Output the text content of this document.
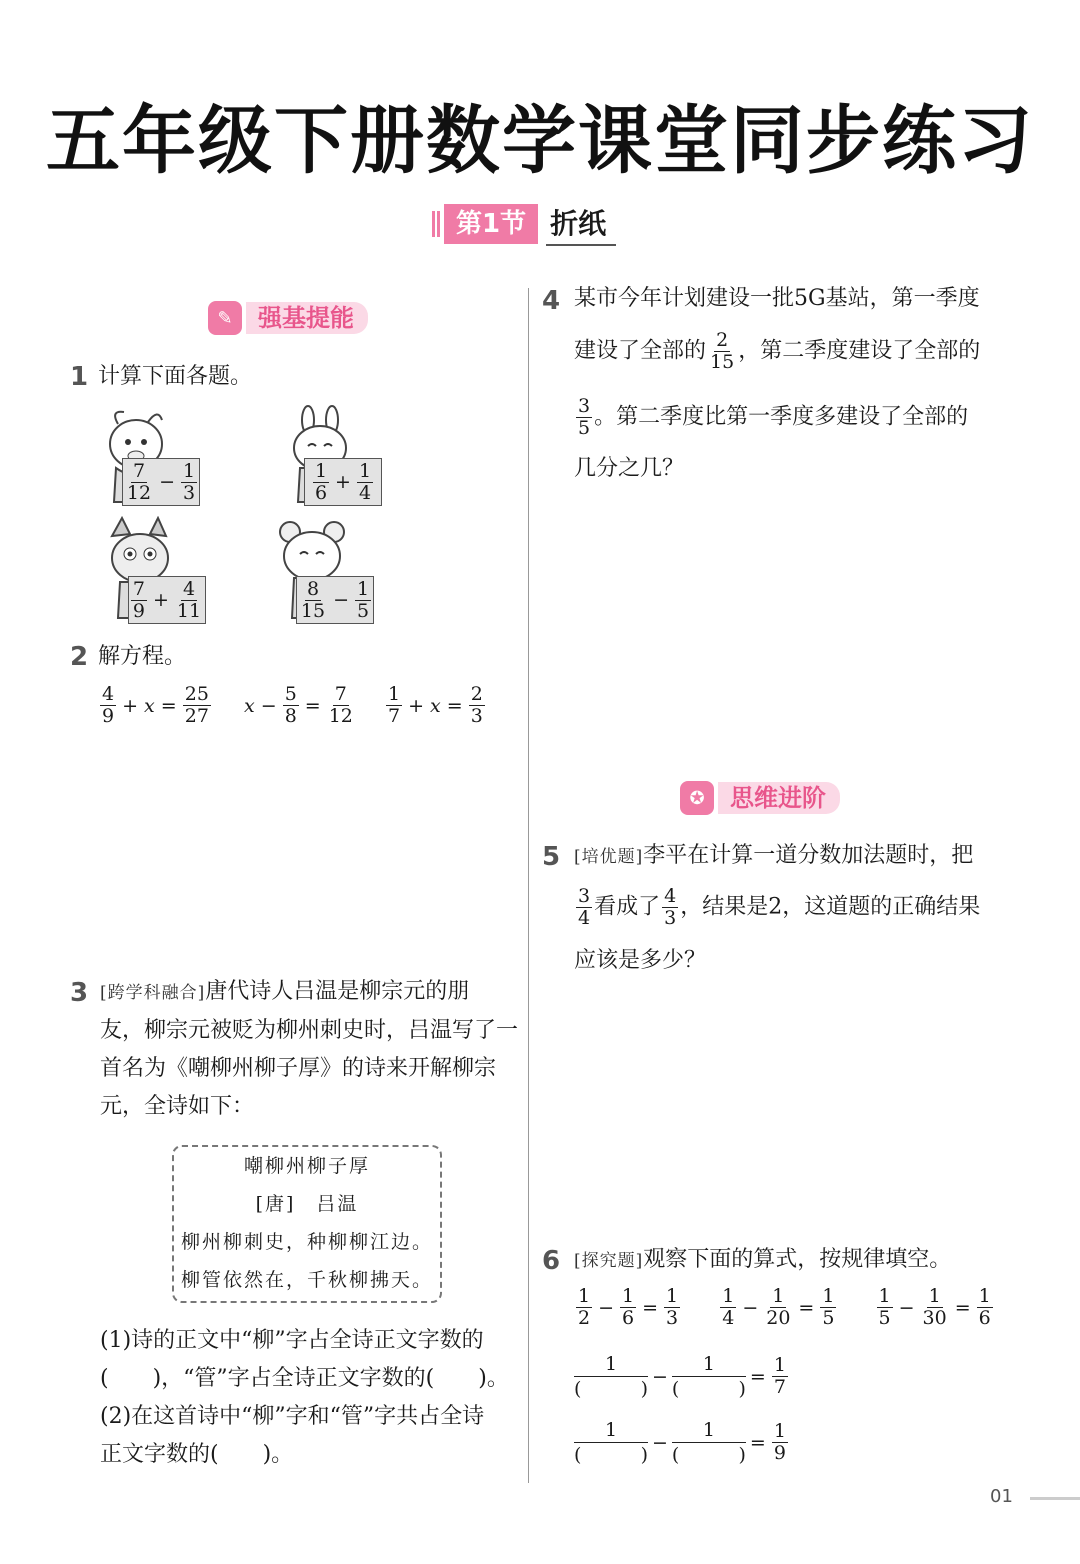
五年级下册数学课堂同步练习
第1节 折纸
✎	强基提能
1 计算下面各题。
$\frac{7}{12} - \frac{1}{3}$	$\frac{1}{6} + \frac{1}{4}$
$\frac{7}{9} + \frac{4}{11}$	$\frac{8}{15} - \frac{1}{5}$
2 解方程。
$\frac{4}{9} + x = \frac{25}{27}$ $x - \frac{5}{8} = \frac{7}{12} \frac{1}{7} + x = \frac{2}{3}$
3 [跨学科融合]唐代诗人吕温是柳宗元的朋
友，柳宗元被贬为柳州刺史时，吕温写了一
首名为《嘲柳州柳子厚》的诗来开解柳宗
元，全诗如下：
嘲柳州柳子厚
[唐]　吕温
柳州柳刺史，种柳柳江边。
柳管依然在，千秋柳拂天。
(1)诗的正文中“柳”字占全诗正文字数的
(　　)，“管”字占全诗正文字数的(　　)。
(2)在这首诗中“柳”字和“管”字共占全诗
正文字数的(　　)。
4 某市今年计划建设一批5G基站，第一季度
建设了全部的 $\frac{2}{15}$ ，第二季度建设了全部的
$\frac{3}{5}$ 。第二季度比第一季度多建设了全部的
几分之几？
✪	思维进阶
5 [培优题]李平在计算一道分数加法题时，把
$\frac{3}{4}$ 看成了 $\frac{4}{3}$ ，结果是2，这道题的正确结果
应该是多少？
6 [探究题]观察下面的算式，按规律填空。
$\frac{1}{2} - \frac{1}{6} = \frac{1}{3}$
$\frac{1}{4} - \frac{1}{20} = \frac{1}{5}$
$\frac{1}{5} - \frac{1}{30} = \frac{1}{6}$
1
(	) − 1
(	) = $\frac{1}{7}$
1
(	) − 1
(	) = $\frac{1}{9}$
01
